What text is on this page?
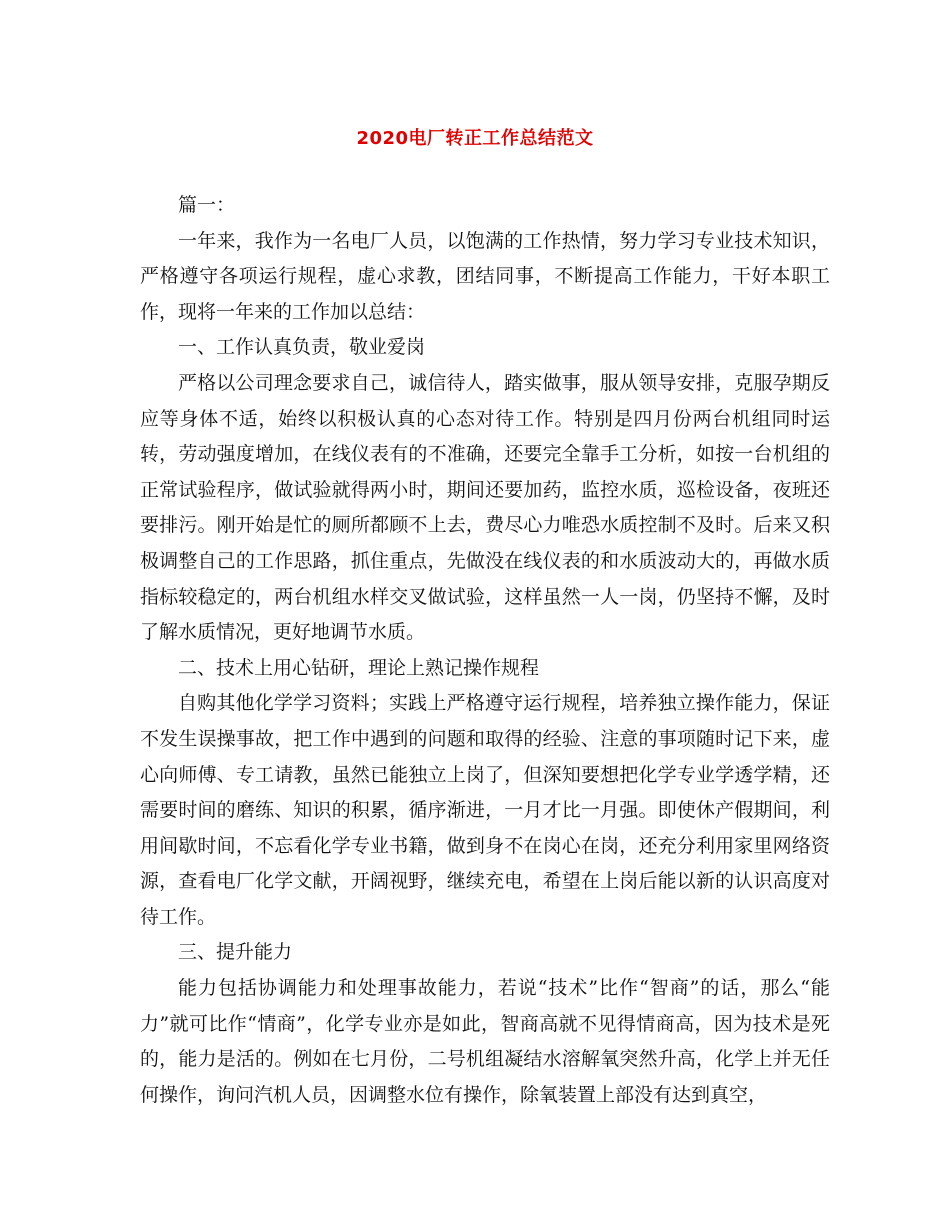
2020电厂转正工作总结范文

篇一：

一年来，我作为一名电厂人员，以饱满的工作热情，努力学习专业技术知识，严格遵守各项运行规程，虚心求教，团结同事，不断提高工作能力，干好本职工作，现将一年来的工作加以总结：

一、工作认真负责，敬业爱岗

严格以公司理念要求自己，诚信待人，踏实做事，服从领导安排，克服孕期反应等身体不适，始终以积极认真的心态对待工作。特别是四月份两台机组同时运转，劳动强度增加，在线仪表有的不准确，还要完全靠手工分析，如按一台机组的正常试验程序，做试验就得两小时，期间还要加药，监控水质，巡检设备，夜班还要排污。刚开始是忙的厕所都顾不上去，费尽心力唯恐水质控制不及时。后来又积极调整自己的工作思路，抓住重点，先做没在线仪表的和水质波动大的，再做水质指标较稳定的，两台机组水样交叉做试验，这样虽然一人一岗，仍坚持不懈，及时了解水质情况，更好地调节水质。

二、技术上用心钻研，理论上熟记操作规程

自购其他化学学习资料；实践上严格遵守运行规程，培养独立操作能力，保证不发生误操事故，把工作中遇到的问题和取得的经验、注意的事项随时记下来，虚心向师傅、专工请教，虽然已能独立上岗了，但深知要想把化学专业学透学精，还需要时间的磨练、知识的积累，循序渐进，一月才比一月强。即使休产假期间，利用间歇时间，不忘看化学专业书籍，做到身不在岗心在岗，还充分利用家里网络资源，查看电厂化学文献，开阔视野，继续充电，希望在上岗后能以新的认识高度对待工作。

三、提升能力

能力包括协调能力和处理事故能力，若说“技术”比作“智商”的话，那么“能力”就可比作“情商”，化学专业亦是如此，智商高就不见得情商高，因为技术是死的，能力是活的。例如在七月份，二号机组凝结水溶解氧突然升高，化学上并无任何操作，询问汽机人员，因调整水位有操作，除氧装置上部没有达到真空，
